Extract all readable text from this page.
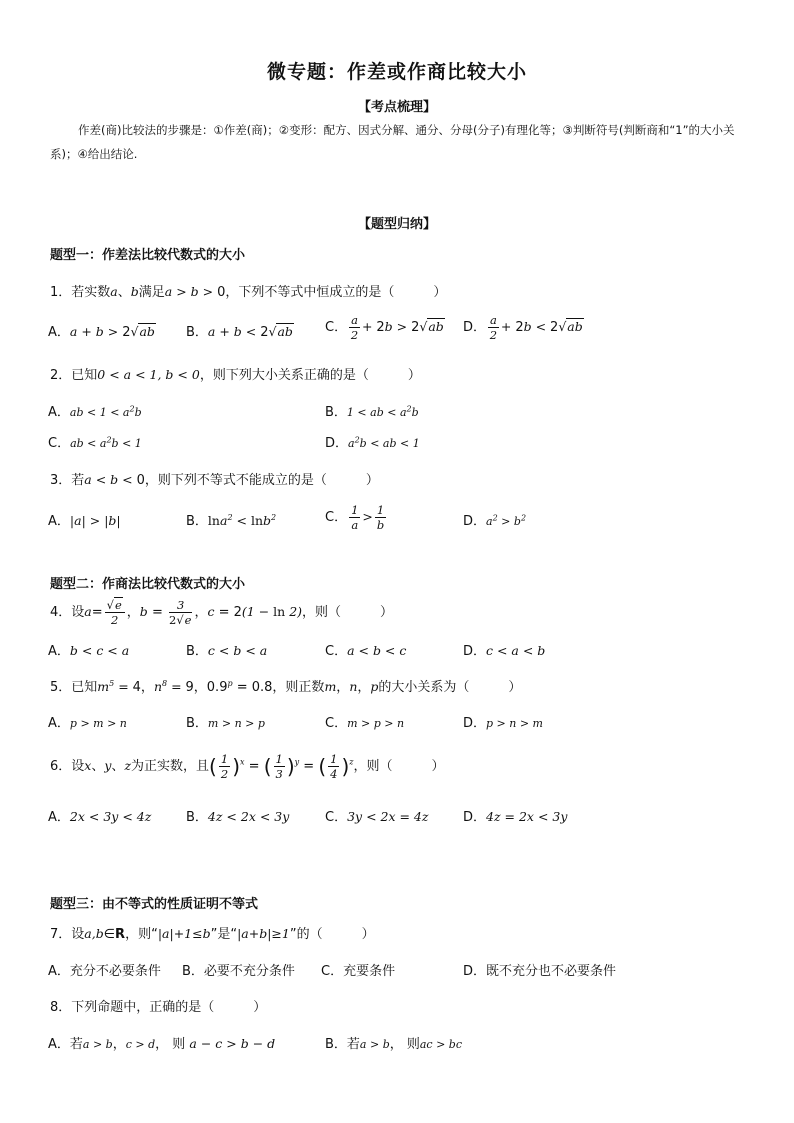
微专题：作差或作商比较大小
【考点梳理】
作差(商)比较法的步骤是：①作差(商)；②变形：配方、因式分解、通分、分母(分子)有理化等；③判断符号(判断商和“1”的大小关系)；④给出结论.
【题型归纳】
题型一：作差法比较代数式的大小
1．若实数a、b满足a > b > 0，下列不等式中恒成立的是（　　　）
A．a + b > 2√ab B．a + b < 2√ab C． $\frac{a}{2} + 2b > 2√ab$ D． $\frac{a}{2} + 2b < 2√ab$
2．已知0 < a < 1, b < 0，则下列大小关系正确的是（　　　）
A．ab < $1 < a^2b$	B．1 < ab < $a^2b$
C．ab < $a^2b < 1$	D．$a^2b$ < ab < 1
3．若a < b < 0，则下列不等式不能成立的是（　　　）
A．|a| > |b|	B．lna$^2$ < lnb$^2$	C． $\frac{1}{a} > \frac{1}{b}$	D．$a^2 > b^2$
题型二：作商法比较代数式的大小
4．设$a= \frac{√e}{2}$ ，$b = \frac{3}{2√e}$ ，c = 2(1 − ln 2)，则（　　　）
A．b < c < a	B．c < b < a	C．a < b < c	D．c < a < b
5．已知$m^5 = 4$，$n^8 = 9$，$0.9^p = 0.8$，则正数m，n，p的大小关系为（　　　）
A．p > m > n	B．m > n > p	C．m > p > n	D．p > n > m
6．设x、y、z为正实数，且( $\frac{1}{2} )^x$ = ( $\frac{1}{3} )^y$ = ( $\frac{1}{4} )^z$，则（　　　）
A．2x < 3y < 4z	B．4z < 2x < 3y	C．3y < 2x = 4z	D．4z = 2x < 3y
题型三：由不等式的性质证明不等式
7．设a,b∈R，则“|a|+1≤b”是“|a+b|≥1”的（　　　）
A．充分不必要条件 B．必要不充分条件 C．充要条件	D．既不充分也不必要条件
8．下列命题中，正确的是（　　　）
A．若a > b，c > d， 则 a − c > b − d	B．若a > b， 则ac > bc
